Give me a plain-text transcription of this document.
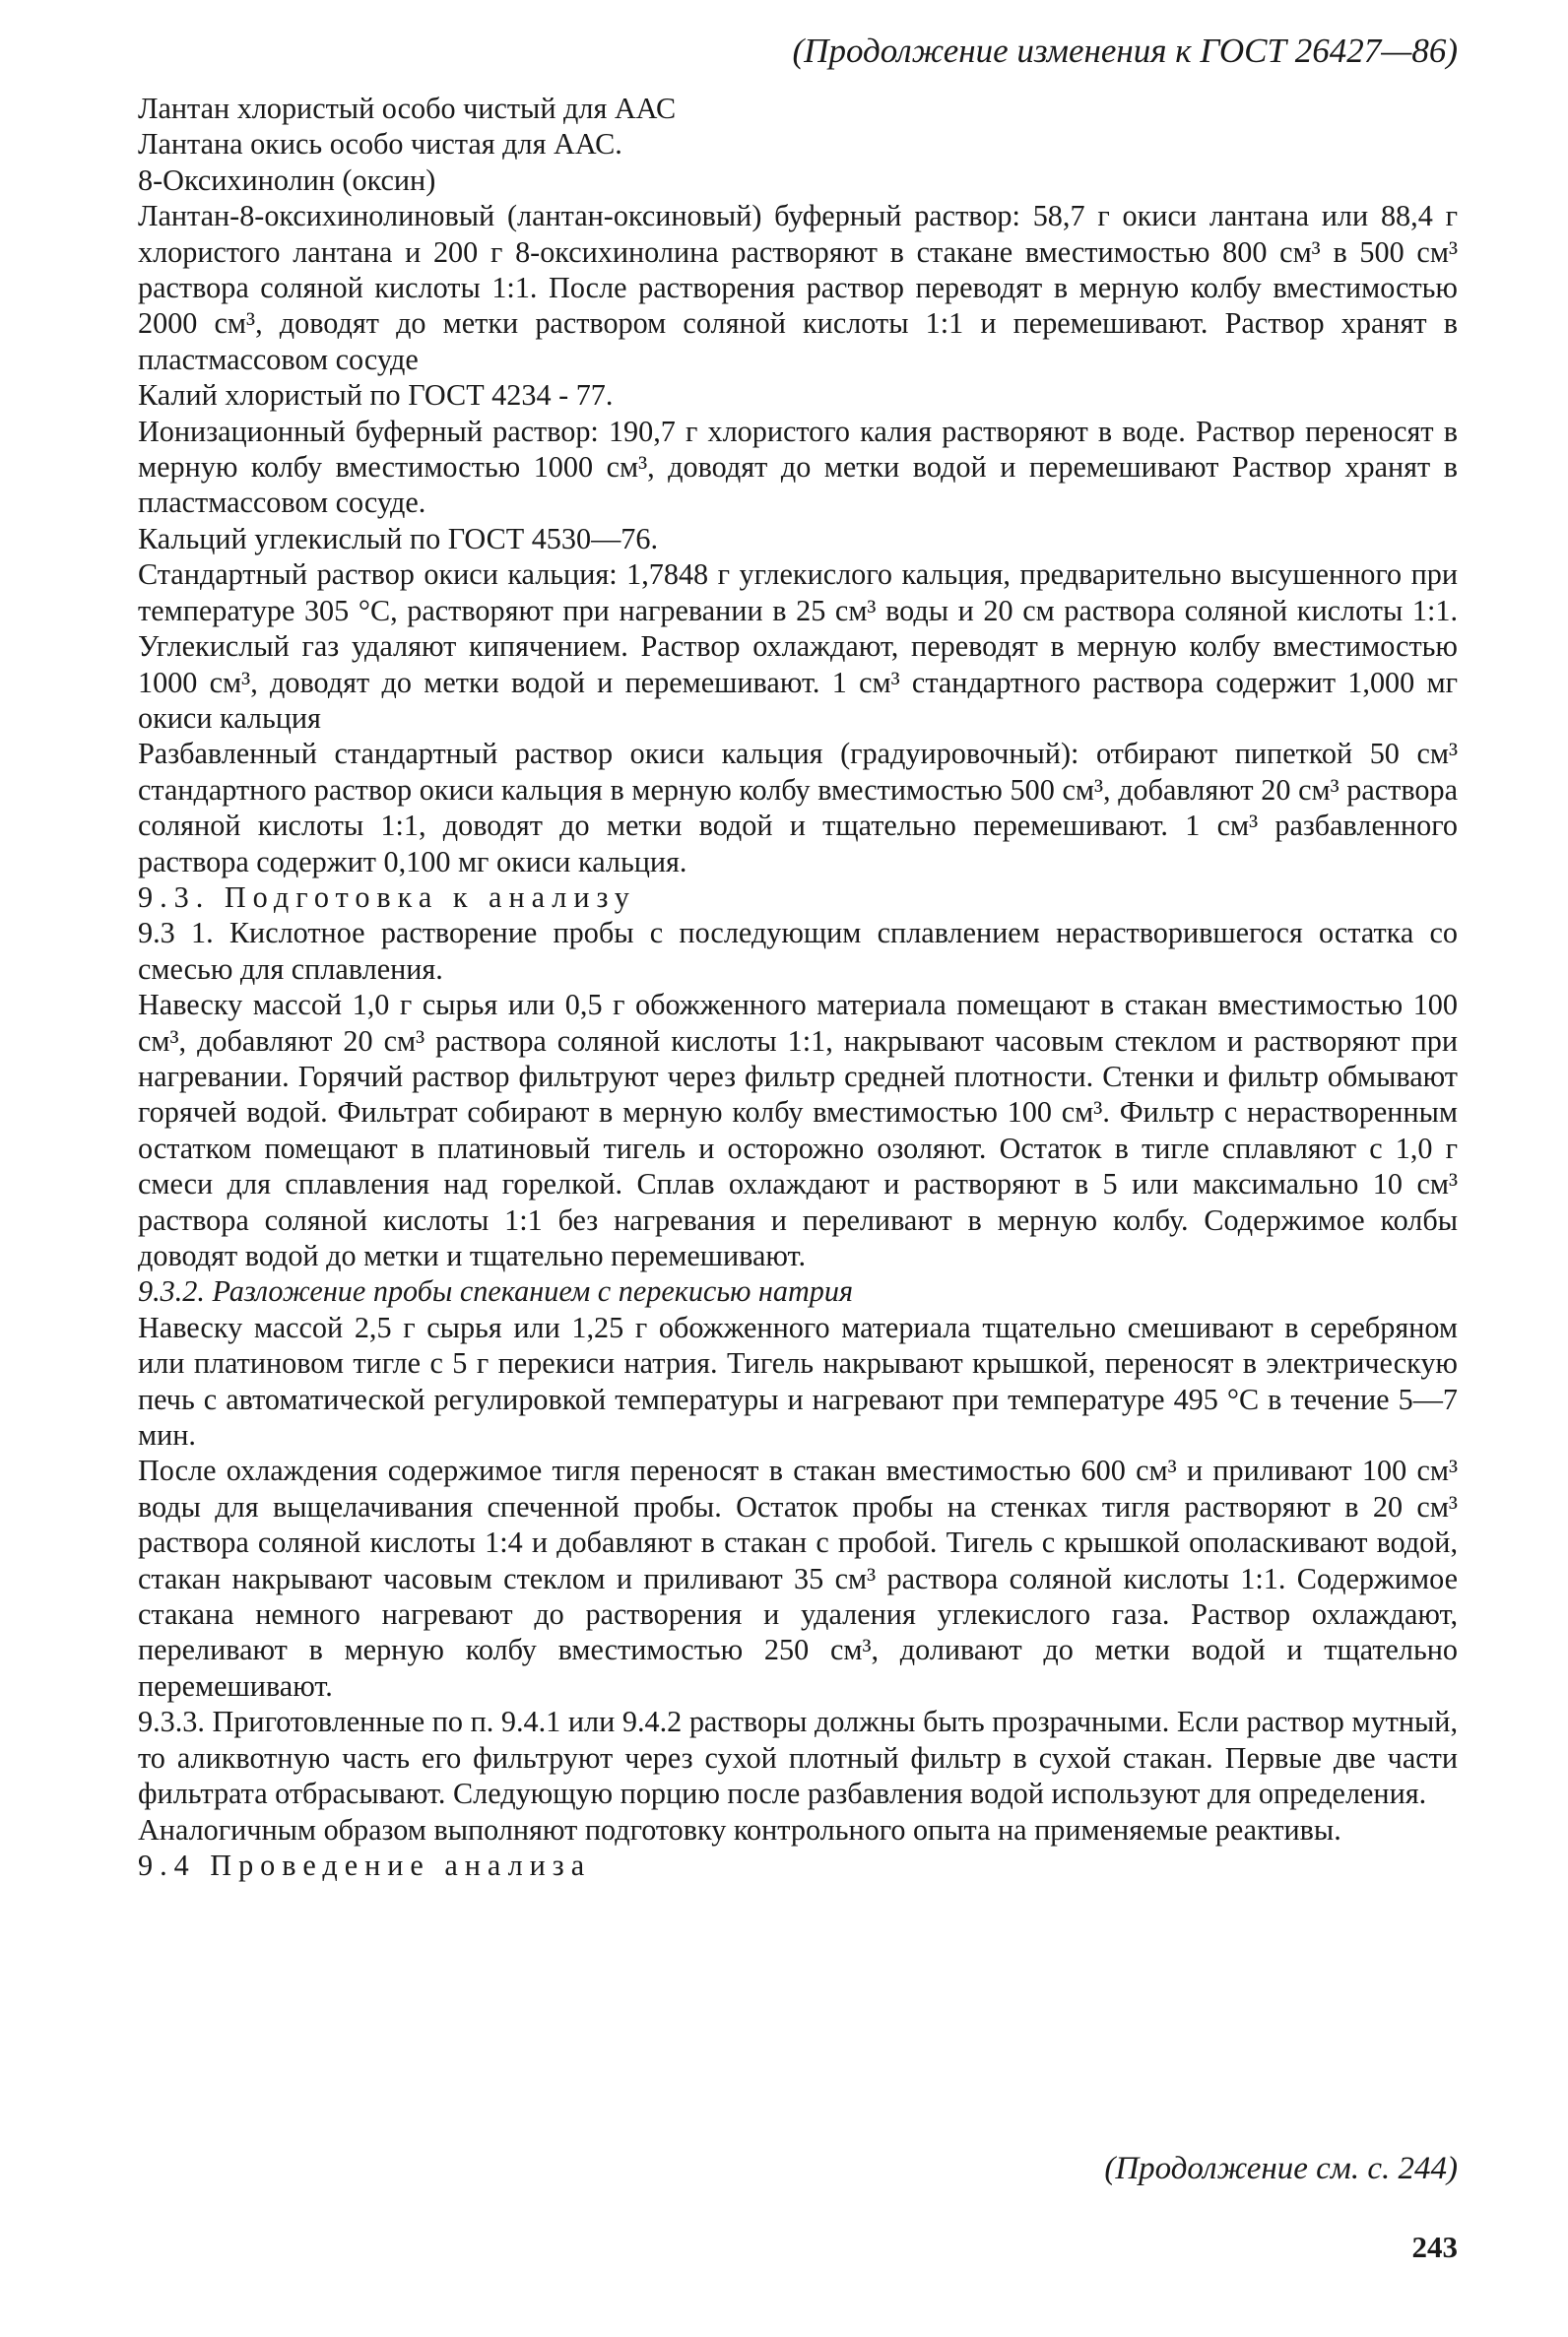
(Продолжение изменения к ГОСТ 26427—86)

Лантан хлористый особо чистый для ААС

Лантана окись особо чистая для ААС.

8-Оксихинолин (оксин)

Лантан-8-оксихинолиновый (лантан-оксиновый) буферный раствор: 58,7 г окиси лантана или 88,4 г хлористого лантана и 200 г 8-оксихинолина растворяют в стакане вместимостью 800 см³ в 500 см³ раствора соляной кислоты 1:1. После растворения раствор переводят в мерную колбу вместимостью 2000 см³, доводят до метки раствором соляной кислоты 1:1 и перемешивают. Раствор хранят в пластмассовом сосуде

Калий хлористый по ГОСТ 4234 - 77.

Ионизационный буферный раствор: 190,7 г хлористого калия растворяют в воде. Раствор переносят в мерную колбу вместимостью 1000 см³, доводят до метки водой и перемешивают Раствор хранят в пластмассовом сосуде.

Кальций углекислый по ГОСТ 4530—76.

Стандартный раствор окиси кальция: 1,7848 г углекислого кальция, предварительно высушенного при температуре 305 °С, растворяют при нагревании в 25 см³ воды и 20 см раствора соляной кислоты 1:1. Углекислый газ удаляют кипячением. Раствор охлаждают, переводят в мерную колбу вместимостью 1000 см³, доводят до метки водой и перемешивают. 1 см³ стандартного раствора содержит 1,000 мг окиси кальция

Разбавленный стандартный раствор окиси кальция (градуировочный): отбирают пипеткой 50 см³ стандартного раствор окиси кальция в мерную колбу вместимостью 500 см³, добавляют 20 см³ раствора соляной кислоты 1:1, доводят до метки водой и тщательно перемешивают. 1 см³ разбавленного раствора содержит 0,100 мг окиси кальция.

9.3. Подготовка к анализу

9.3 1. Кислотное растворение пробы с последующим сплавлением нерастворившегося остатка со смесью для сплавления.

Навеску массой 1,0 г сырья или 0,5 г обожженного материала помещают в стакан вместимостью 100 см³, добавляют 20 см³ раствора соляной кислоты 1:1, накрывают часовым стеклом и растворяют при нагревании. Горячий раствор фильтруют через фильтр средней плотности. Стенки и фильтр обмывают горячей водой. Фильтрат собирают в мерную колбу вместимостью 100 см³. Фильтр с нерастворенным остатком помещают в платиновый тигель и осторожно озоляют. Остаток в тигле сплавляют с 1,0 г смеси для сплавления над горелкой. Сплав охлаждают и растворяют в 5 или максимально 10 см³ раствора соляной кислоты 1:1 без нагревания и переливают в мерную колбу. Содержимое колбы доводят водой до метки и тщательно перемешивают.

9.3.2. Разложение пробы спеканием с перекисью натрия

Навеску массой 2,5 г сырья или 1,25 г обожженного материала тщательно смешивают в серебряном или платиновом тигле с 5 г перекиси натрия. Тигель накрывают крышкой, переносят в электрическую печь с автоматической регулировкой температуры и нагревают при температуре 495 °С в течение 5—7 мин.

После охлаждения содержимое тигля переносят в стакан вместимостью 600 см³ и приливают 100 см³ воды для выщелачивания спеченной пробы. Остаток пробы на стенках тигля растворяют в 20 см³ раствора соляной кислоты 1:4 и добавляют в стакан с пробой. Тигель с крышкой ополаскивают водой, стакан накрывают часовым стеклом и приливают 35 см³ раствора соляной кислоты 1:1. Содержимое стакана немного нагревают до растворения и удаления углекислого газа. Раствор охлаждают, переливают в мерную колбу вместимостью 250 см³, доливают до метки водой и тщательно перемешивают.

9.3.3. Приготовленные по п. 9.4.1 или 9.4.2 растворы должны быть прозрачными. Если раствор мутный, то аликвотную часть его фильтруют через сухой плотный фильтр в сухой стакан. Первые две части фильтрата отбрасывают. Следующую порцию после разбавления водой используют для определения.

Аналогичным образом выполняют подготовку контрольного опыта на применяемые реактивы.

9.4 Проведение анализа

(Продолжение см. с. 244)
243
